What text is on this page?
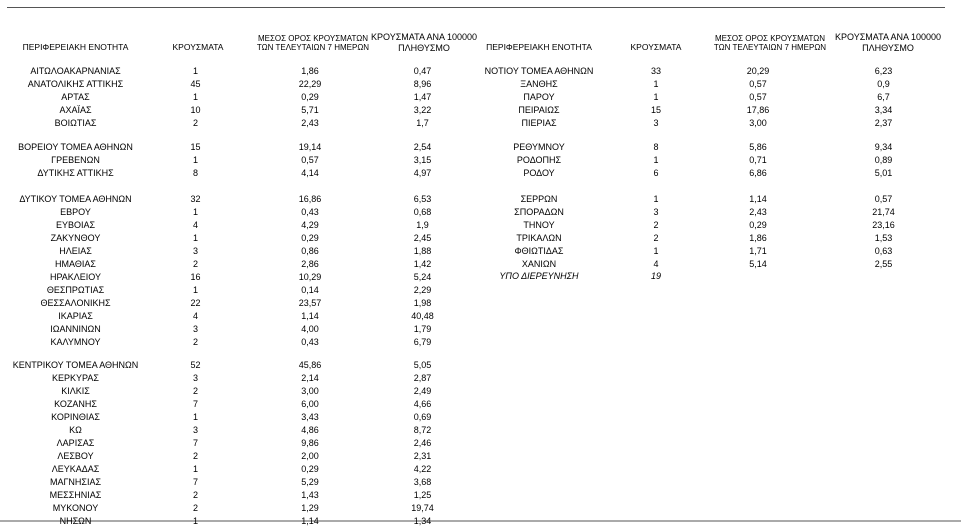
ΠΕΡΙΦΕΡΕΙΑΚΗ ΕΝΟΤΗΤΑ	ΚΡΟΥΣΜΑΤΑ
ΜΕΣΟΣ ΟΡΟΣ ΚΡΟΥΣΜΑΤΩΝ
ΤΩΝ ΤΕΛΕΥΤΑΙΩΝ 7 ΗΜΕΡΩΝ
ΚΡΟΥΣΜΑΤΑ ΑΝΑ 100000
ΠΛΗΘΥΣΜΟ	ΠΕΡΙΦΕΡΕΙΑΚΗ ΕΝΟΤΗΤΑ	ΚΡΟΥΣΜΑΤΑ
ΜΕΣΟΣ ΟΡΟΣ ΚΡΟΥΣΜΑΤΩΝ
ΤΩΝ ΤΕΛΕΥΤΑΙΩΝ 7 ΗΜΕΡΩΝ
ΚΡΟΥΣΜΑΤΑ ΑΝΑ 100000
ΠΛΗΘΥΣΜΟ
ΑΙΤΩΛΟΑΚΑΡΝΑΝΙΑΣ	1	1,86	0,47
ΑΝΑΤΟΛΙΚΗΣ ΑΤΤΙΚΗΣ	45	22,29	8,96
ΑΡΤΑΣ	1	0,29	1,47
ΑΧΑΪΑΣ	10	5,71	3,22
ΒΟΙΩΤΙΑΣ	2	2,43	1,7
ΒΟΡΕΙΟΥ ΤΟΜΕΑ ΑΘΗΝΩΝ	15	19,14	2,54
ΓΡΕΒΕΝΩΝ	1	0,57	3,15
ΔΥΤΙΚΗΣ ΑΤΤΙΚΗΣ	8	4,14	4,97
ΔΥΤΙΚΟΥ ΤΟΜΕΑ ΑΘΗΝΩΝ	32	16,86	6,53
ΕΒΡΟΥ	1	0,43	0,68
ΕΥΒΟΙΑΣ	4	4,29	1,9
ΖΑΚΥΝΘΟΥ	1	0,29	2,45
ΗΛΕΙΑΣ	3	0,86	1,88
ΗΜΑΘΙΑΣ	2	2,86	1,42
ΗΡΑΚΛΕΙΟΥ	16	10,29	5,24
ΘΕΣΠΡΩΤΙΑΣ	1	0,14	2,29
ΘΕΣΣΑΛΟΝΙΚΗΣ	22	23,57	1,98
ΙΚΑΡΙΑΣ	4	1,14	40,48
ΙΩΑΝΝΙΝΩΝ	3	4,00	1,79
ΚΑΛΥΜΝΟΥ	2	0,43	6,79
ΚΕΝΤΡΙΚΟΥ ΤΟΜΕΑ ΑΘΗΝΩΝ	52	45,86	5,05
ΚΕΡΚΥΡΑΣ	3	2,14	2,87
ΚΙΛΚΙΣ	2	3,00	2,49
ΚΟΖΑΝΗΣ	7	6,00	4,66
ΚΟΡΙΝΘΙΑΣ	1	3,43	0,69
ΚΩ	3	4,86	8,72
ΛΑΡΙΣΑΣ	7	9,86	2,46
ΛΕΣΒΟΥ	2	2,00	2,31
ΛΕΥΚΑΔΑΣ	1	0,29	4,22
ΜΑΓΝΗΣΙΑΣ	7	5,29	3,68
ΜΕΣΣΗΝΙΑΣ	2	1,43	1,25
ΜΥΚΟΝΟΥ	2	1,29	19,74
ΝΗΣΩΝ	1	1,14	1,34
ΝΟΤΙΟΥ ΤΟΜΕΑ ΑΘΗΝΩΝ	33	20,29	6,23
ΞΑΝΘΗΣ	1	0,57	0,9
ΠΑΡΟΥ	1	0,57	6,7
ΠΕΙΡΑΙΩΣ	15	17,86	3,34
ΠΙΕΡΙΑΣ	3	3,00	2,37
ΡΕΘΥΜΝΟΥ	8	5,86	9,34
ΡΟΔΟΠΗΣ	1	0,71	0,89
ΡΟΔΟΥ	6	6,86	5,01
ΣΕΡΡΩΝ	1	1,14	0,57
ΣΠΟΡΑΔΩΝ	3	2,43	21,74
ΤΗΝΟΥ	2	0,29	23,16
ΤΡΙΚΑΛΩΝ	2	1,86	1,53
ΦΘΙΩΤΙΔΑΣ	1	1,71	0,63
ΧΑΝΙΩΝ	4	5,14	2,55
ΥΠΟ ΔΙΕΡΕΥΝΗΣΗ	19
